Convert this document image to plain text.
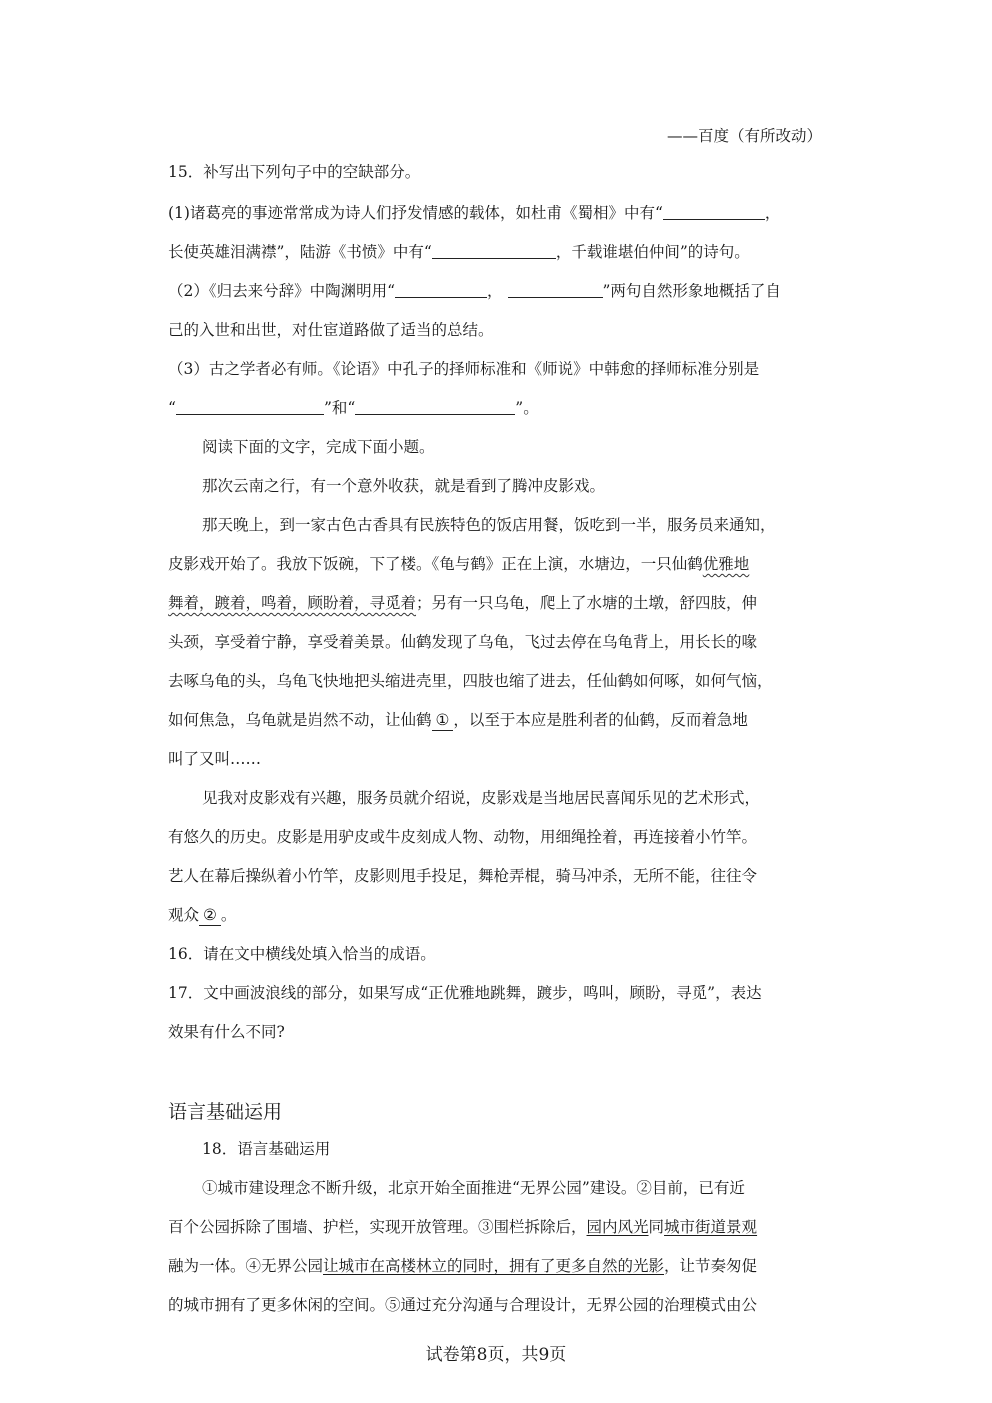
——百度（有所改动）
15．补写出下列句子中的空缺部分。
(1)诸葛亮的事迹常常成为诗人们抒发情感的载体，如杜甫《蜀相》中有“	，
长使英雄泪满襟”，陆游《书愤》中有“	，千载谁堪伯仲间”的诗句。
（2）《归去来兮辞》中陶渊明用“	，	”两句自然形象地概括了自
己的入世和出世，对仕宦道路做了适当的总结。
（3）古之学者必有师。《论语》中孔子的择师标准和《师说》中韩愈的择师标准分别是
“	”和“	”。
阅读下面的文字，完成下面小题。
那次云南之行，有一个意外收获，就是看到了腾冲皮影戏。
那天晚上，到一家古色古香具有民族特色的饭店用餐，饭吃到一半，服务员来通知，
皮影戏开始了。我放下饭碗，下了楼。《龟与鹤》正在上演，水塘边，一只仙鹤优雅地
舞着，踱着，鸣着，顾盼着，寻觅着；另有一只乌龟，爬上了水塘的土墩，舒四肢，伸
头颈，享受着宁静，享受着美景。仙鹤发现了乌龟，飞过去停在乌龟背上，用长长的喙
去啄乌龟的头，乌龟飞快地把头缩进壳里，四肢也缩了进去，任仙鹤如何啄，如何气恼，
如何焦急，乌龟就是岿然不动，让仙鹤 ① ，以至于本应是胜利者的仙鹤，反而着急地
叫了又叫……
见我对皮影戏有兴趣，服务员就介绍说，皮影戏是当地居民喜闻乐见的艺术形式，
有悠久的历史。皮影是用驴皮或牛皮刻成人物、动物，用细绳拴着，再连接着小竹竿。
艺人在幕后操纵着小竹竿，皮影则甩手投足，舞枪弄棍，骑马冲杀，无所不能，往往令
观众 ② 。
16．请在文中横线处填入恰当的成语。
17．文中画波浪线的部分，如果写成“正优雅地跳舞，踱步，鸣叫，顾盼，寻觅”，表达
效果有什么不同?
语言基础运用
18．语言基础运用
①城市建设理念不断升级，北京开始全面推进“无界公园”建设。②目前，已有近
百个公园拆除了围墙、护栏，实现开放管理。③围栏拆除后，园内风光同城市街道景观
融为一体。④无界公园让城市在高楼林立的同时，拥有了更多自然的光影，让节奏匆促
的城市拥有了更多休闲的空间。⑤通过充分沟通与合理设计，无界公园的治理模式由公
试卷第8页，共9页
